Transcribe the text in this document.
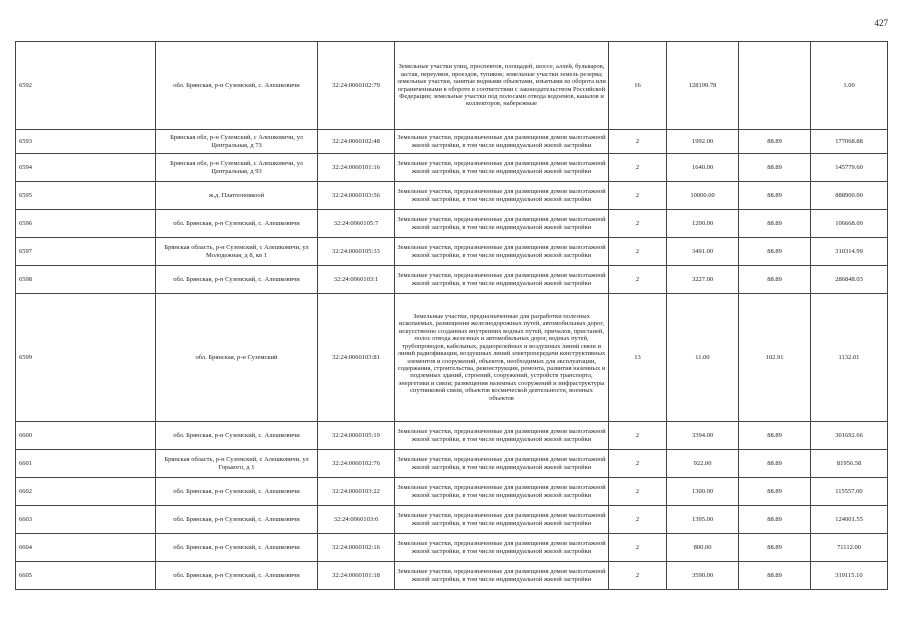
427
6592	обл. Брянская, р-н Суземский, с. Алешковичи	32:24:0060102:79	Земельные участки улиц, проспектов, площадей, шоссе, аллей, бульваров, застав, переулков, проездов, тупиков; земельные участки земель резерва; земельные участки, занятые водными объектами, изъятыми из оборота или ограниченными в обороте в соответствии с законодательством Российской Федерации; земельные участки под полосами отвода водоемов, каналов и коллекторов, набережные	16	128199.78		1.00
6593	Брянская обл, р-н Суземский, с Алешковичи, ул Центральная, д 73	32:24:0060102:48	Земельные участки, предназначенные для размещения домов малоэтажной жилой застройки, в том числе индивидуальной жилой застройки	2	1992.00	88.89	177068.88
6594	Брянская обл, р-н Суземский, с Алешковичи, ул Центральная, д 93	32:24:0060101:16	Земельные участки, предназначенные для размещения домов малоэтажной жилой застройки, в том числе индивидуальной жилой застройки	2	1640.00	88.89	145779.60
6595	ж.д. Платооновкоой	32:24:0060103:56	Земельные участки, предназначенные для размещения домов малоэтажной жилой застройки, в том числе индивидуальной жилой застройки	2	10000.00	88.89	888900.00
6596	обл. Брянская, р-н Суземский, с. Алешковичи	32:24:0060105:7	Земельные участки, предназначенные для размещения домов малоэтажной жилой застройки, в том числе индивидуальной жилой застройки	2	1200.00	88.89	106668.00
6597	Брянская область, р-н Суземский, с Алешковичи, ул Молодежная, д 8, кв 1	32:24:0060105:33	Земельные участки, предназначенные для размещения домов малоэтажной жилой застройки, в том числе индивидуальной жилой застройки	2	3491.00	88.89	310314.99
6598	обл. Брянская, р-н Суземский, с. Алешковичи	32:24:0060103:1	Земельные участки, предназначенные для размещения домов малоэтажной жилой застройки, в том числе индивидуальной жилой застройки	2	3227.00	88.89	286848.03
6599	обл. Брянская, р-н Суземский	32:24:0060103:81	Земельные участки, предназначенные для разработки полезных ископаемых, размещения железнодорожных путей, автомобильных дорог, искусственно созданных внутренних водных путей, причалов, пристаней, полос отвода железных и автомобильных дорог, водных путей, трубопроводов, кабельных, радиорелейных и воздушных линий связи и линий радиофикации, воздушных линий электропередачи конструктивных элементов и сооружений, объектов, необходимых для эксплуатации, содержания, строительства, реконструкции, ремонта, развития наземных и подземных зданий, строений, сооружений, устройств транспорта, энергетики и связи; размещения наземных сооружений и инфраструктуры спутниковой связи, объектов космической деятельности, военных объектов	13	11.00	102.91	1132.01
6600	обл. Брянская, р-н Суземский, с. Алешковичи	32:24:0060105:19	Земельные участки, предназначенные для размещения домов малоэтажной жилой застройки, в том числе индивидуальной жилой застройки	2	3394.00	88.89	301692.66
6601	Брянская область, р-н Суземский, с Алешковичи, ул Горького, д 1	32:24:0060102:76	Земельные участки, предназначенные для размещения домов малоэтажной жилой застройки, в том числе индивидуальной жилой застройки	2	922.00	88.89	81956.58
6602	обл. Брянская, р-н Суземский, с. Алешковичи	32:24:0060103:22	Земельные участки, предназначенные для размещения домов малоэтажной жилой застройки, в том числе индивидуальной жилой застройки	2	1300.00	88.89	115557.00
6603	обл. Брянская, р-н Суземский, с. Алешковичи	32:24:0060103:6	Земельные участки, предназначенные для размещения домов малоэтажной жилой застройки, в том числе индивидуальной жилой застройки	2	1395.00	88.89	124001.55
6604	обл. Брянская, р-н Суземский, с. Алешковичи	32:24:0060102:16	Земельные участки, предназначенные для размещения домов малоэтажной жилой застройки, в том числе индивидуальной жилой застройки	2	800.00	88.89	71112.00
6605	обл. Брянская, р-н Суземский, с. Алешковичи	32:24:0060101:18	Земельные участки, предназначенные для размещения домов малоэтажной жилой застройки, в том числе индивидуальной жилой застройки	2	3590.00	88.89	319115.10
